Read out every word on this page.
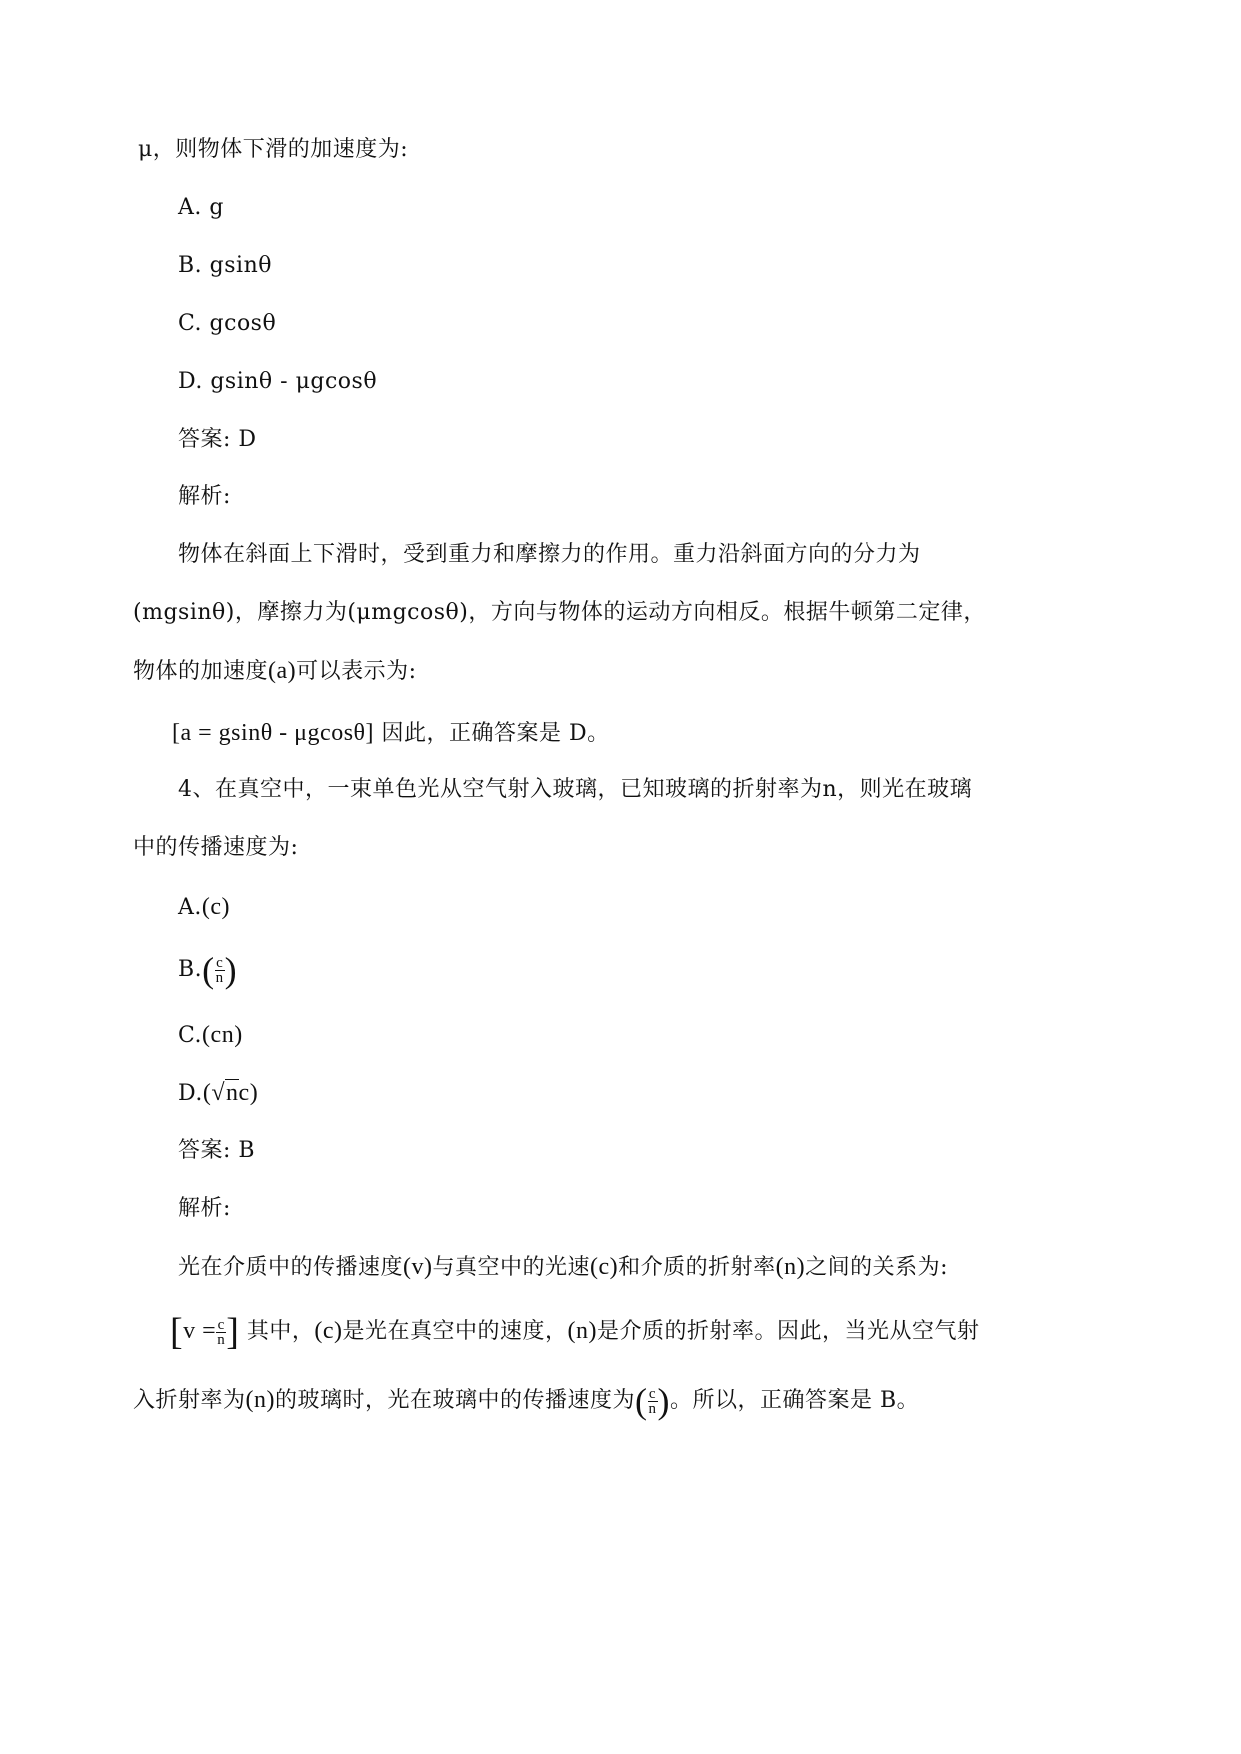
μ，则物体下滑的加速度为:
A. g
B. gsinθ
C. gcosθ
D. gsinθ - μgcosθ
答案: D
解析:
物体在斜面上下滑时，受到重力和摩擦力的作用。重力沿斜面方向的分力为
(mgsinθ)，摩擦力为(μmgcosθ)，方向与物体的运动方向相反。根据牛顿第二定律，
物体的加速度(a)可以表示为:
[a = gsinθ - μgcosθ] 因此，正确答案是 D。
4、在真空中，一束单色光从空气射入玻璃，已知玻璃的折射率为n，则光在玻璃
中的传播速度为:
A.(c)
$B.( \frac{c}{n}$ )
C.(cn)
D.(√nc)
答案: B
解析:
光在介质中的传播速度(v)与真空中的光速(c)和介质的折射率(n)之间的关系为:
[$v = \frac{c}{n}$ ] 其中，(c)是光在真空中的速度，(n)是介质的折射率。因此，当光从空气射
入折射率为(n)的玻璃时，光在玻璃中的传播速度为( $\frac{c}{n}$ )。所以，正确答案是 B。
